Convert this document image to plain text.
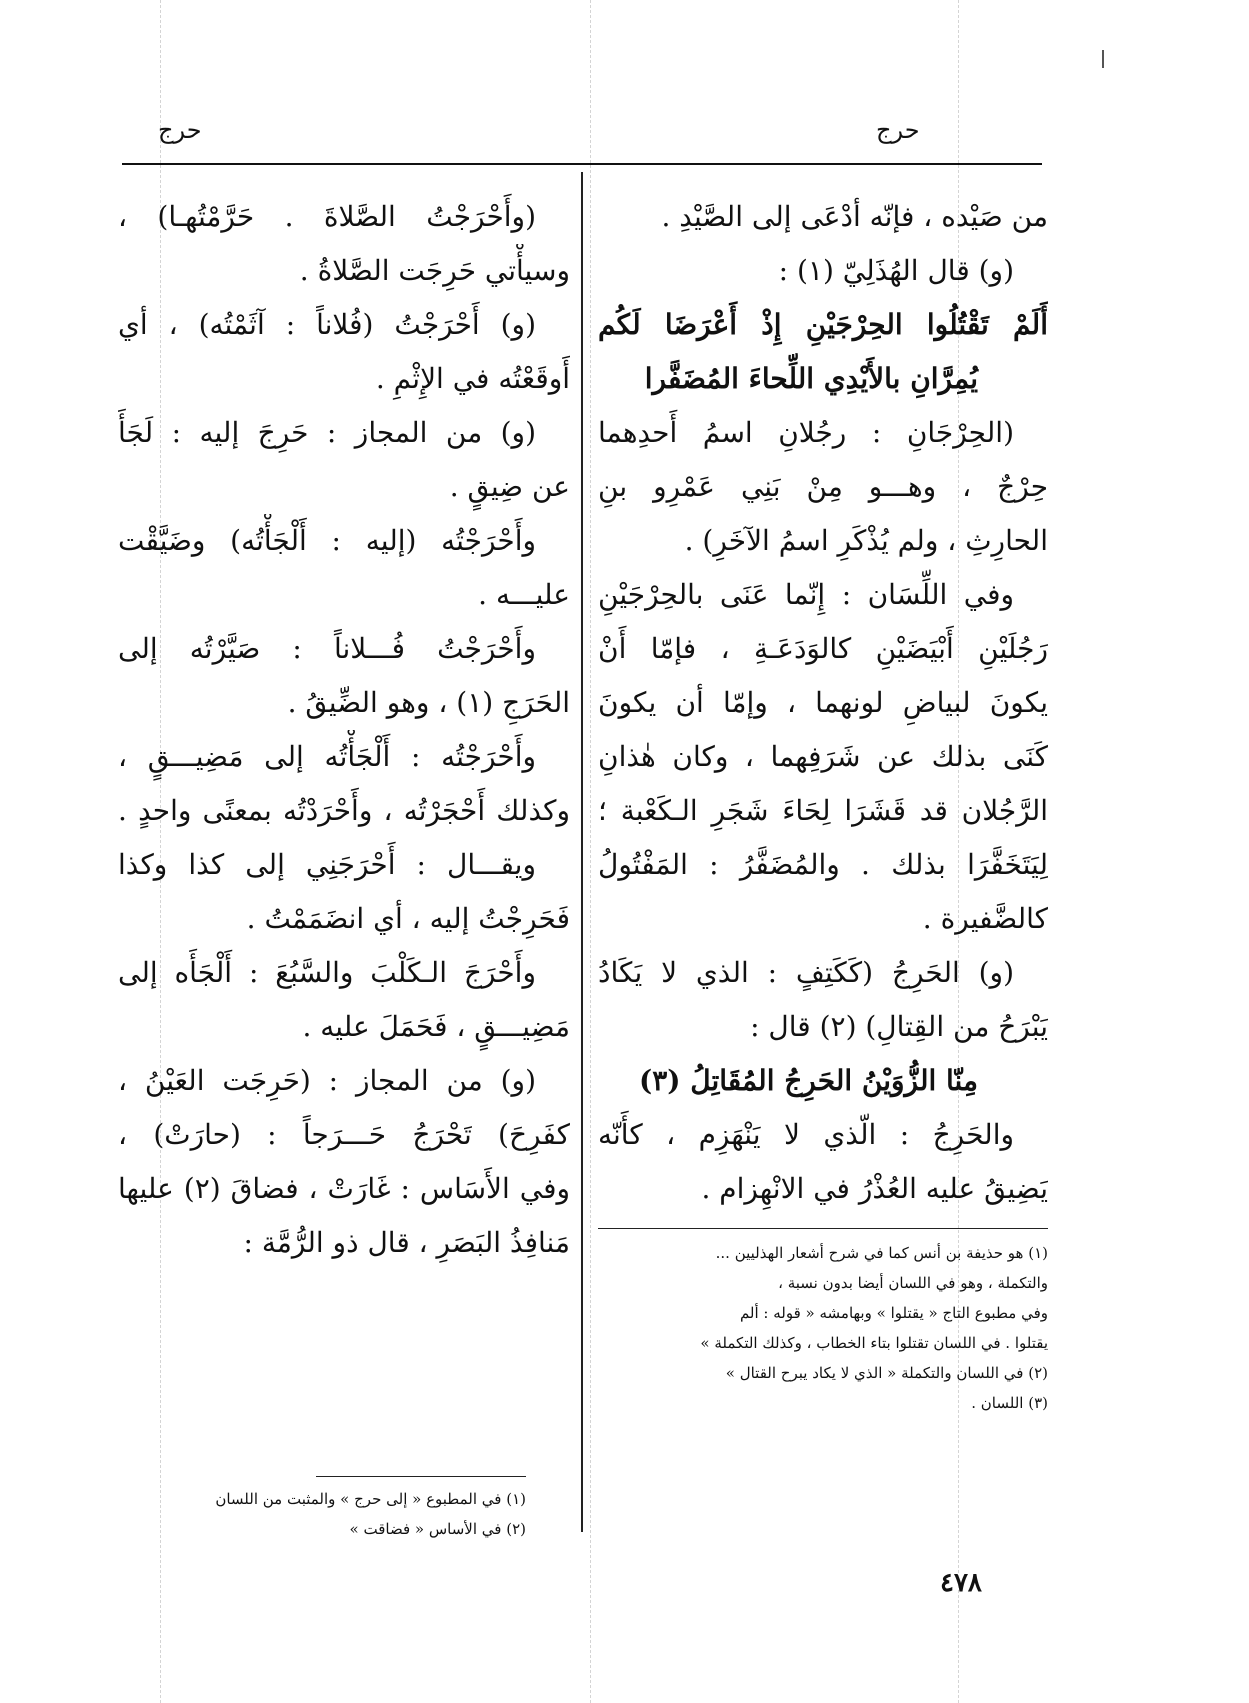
حرج
حرج
من صَيْده ، فإنّه أدْعَى إلى الصَّيْدِ .
(و) قال الهُذَلِيّ (١) :
أَلَمْ تَقْتُلُوا الحِرْجَيْنِ إِذْ أَعْرَضَا لَكُم
يُمِرَّانِ بالأَيْدِي اللِّحاءَ المُضَفَّرا
(الحِرْجَانِ : رجُلانِ اسمُ أَحدِهما
حِرْجٌ ، وهـــو مِنْ بَنِي عَمْرِو بنِ
الحارِثِ ، ولم يُذْكَرِ اسمُ الآخَرِ) .
وفي اللِّسَان : إِنّما عَنَى بالحِرْجَيْنِ
رَجُلَيْنِ أَبْيَضَيْنِ كالوَدَعَـةِ ، فإمّا أَنْ
يكونَ لبياضِ لونهما ، وإمّا أن يكونَ
كَنَى بذلك عن شَرَفِهما ، وكان هٰذانِ
الرَّجُلان قد قَشَرَا لِحَاءَ شَجَرِ الـكَعْبة ؛
لِيَتَخَفَّرَا بذلك . والمُضَفَّرُ : المَفْتُولُ
كالضَّفيرة .
(و) الحَرِجُ (كَكَتِفٍ : الذي لا يَكَادُ
يَبْرَحُ من القِتالِ) (٢) قال :
مِنّا الزُّوَيْنُ الحَرِجُ المُقَاتِلُ (٣)
والحَرِجُ : الّذي لا يَنْهَزِم ، كأَنّه
يَضِيقُ عليه العُذْرُ في الانْهِزام .
(١) هو حذيفة بن أنس كما في شرح أشعار الهذليين ...
والتكملة ، وهو في اللسان أيضا بدون نسبة ،
وفي مطبوع التاج « يقتلوا » وبهامشه « قوله : ألم
يقتلوا . في اللسان تقتلوا بتاء الخطاب ، وكذلك التكملة »
(٢) في اللسان والتكملة « الذي لا يكاد يبرح القتال »
(٣) اللسان .
(وأَحْرَجْتُ الصَّلاةَ . حَرَّمْتُهـا) ،
وسيأْتي حَرِجَت الصَّلاةُ .
(و) أَحْرَجْتُ (فُلاناً : آثَمْتُه) ، أي
أَوقَعْتُه في الإِثْمِ .
(و) من المجاز : حَرِجَ إليه : لَجَأَ
عن ضِيقٍ .
وأَحْرَجْتُه (إليه : أَلْجَأْتُه) وضَيَّقْت
عليـــه .
وأَحْرَجْتُ فُـــلاناً : صَيَّرْتُه إلى
الحَرَجِ (١) ، وهو الضِّيقُ .
وأَحْرَجْتُه : أَلْجَأْتُه إلى مَضِيـــقٍ ،
وكذلك أَحْجَرْتُه ، وأَحْرَدْتُه بمعنًى واحدٍ .
ويقـــال : أَحْرَجَنِي إلى كذا وكذا
فَحَرِجْتُ إليه ، أي انضَمَمْتُ .
وأَحْرَجَ الـكَلْبَ والسَّبُعَ : أَلْجَأَه إلى
مَضِيـــقٍ ، فَحَمَلَ عليه .
(و) من المجاز : (حَرِجَت العَيْنُ ،
كفَرِحَ) تَحْرَجُ حَـــرَجاً : (حارَتْ) ،
وفي الأَسَاس : غَارَتْ ، فضاقَ (٢) عليها
مَنافِذُ البَصَرِ ، قال ذو الرُّمَّة :
(١) في المطبوع « إلى حرج » والمثبت من اللسان
(٢) في الأساس « فضاقت »
٤٧٨
